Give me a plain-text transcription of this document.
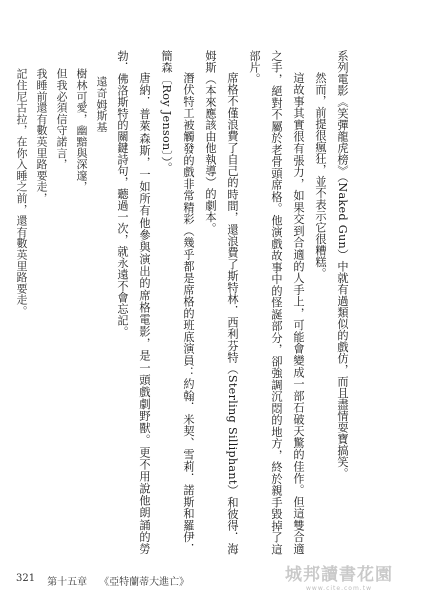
系列電影《笑彈龍虎榜》（Naked Gun）中就有過類似的戲仿，而且盡情耍寶搞笑。

然而，前提很瘋狂，並不表示它很糟糕。

這故事其實很有張力，如果交到合適的人手上，可能會變成一部石破天驚的佳作。但這雙合適之手，絕對不屬於老骨頭席格。他演戲故事中的怪誕部分，卻強調沉悶的地方，終於親手毀掉了這部片。

席格不僅浪費了自己的時間，還浪費了斯特林．西利芬特（Sterling Silliphant）和彼得．海姆斯（本來應該由他執導）的劇本。

潛伏特工被觸發的戲非常精彩（幾乎都是席格的班底演員：約翰．米契、雪莉．諾斯和羅伊．簡森〔Roy Jenson〕）。

唐納．普萊森斯，一如所有他參與演出的席格電影，是一頭戲劇野獸。更不用說他朗誦的勞勃．佛洛斯特的關鍵詩句，聽過一次，就永遠不會忘記。

遠奇姆斯基
樹林可愛，幽黯與深邃，
但我必須信守諾言，
我睡前還有數英里路要走，
記住尼古拉，在你入睡之前，還有數英里路要走。
321 第十五章 《亞特蘭蒂大進亡》	城邦讀書花園
www.cite.com.tw
